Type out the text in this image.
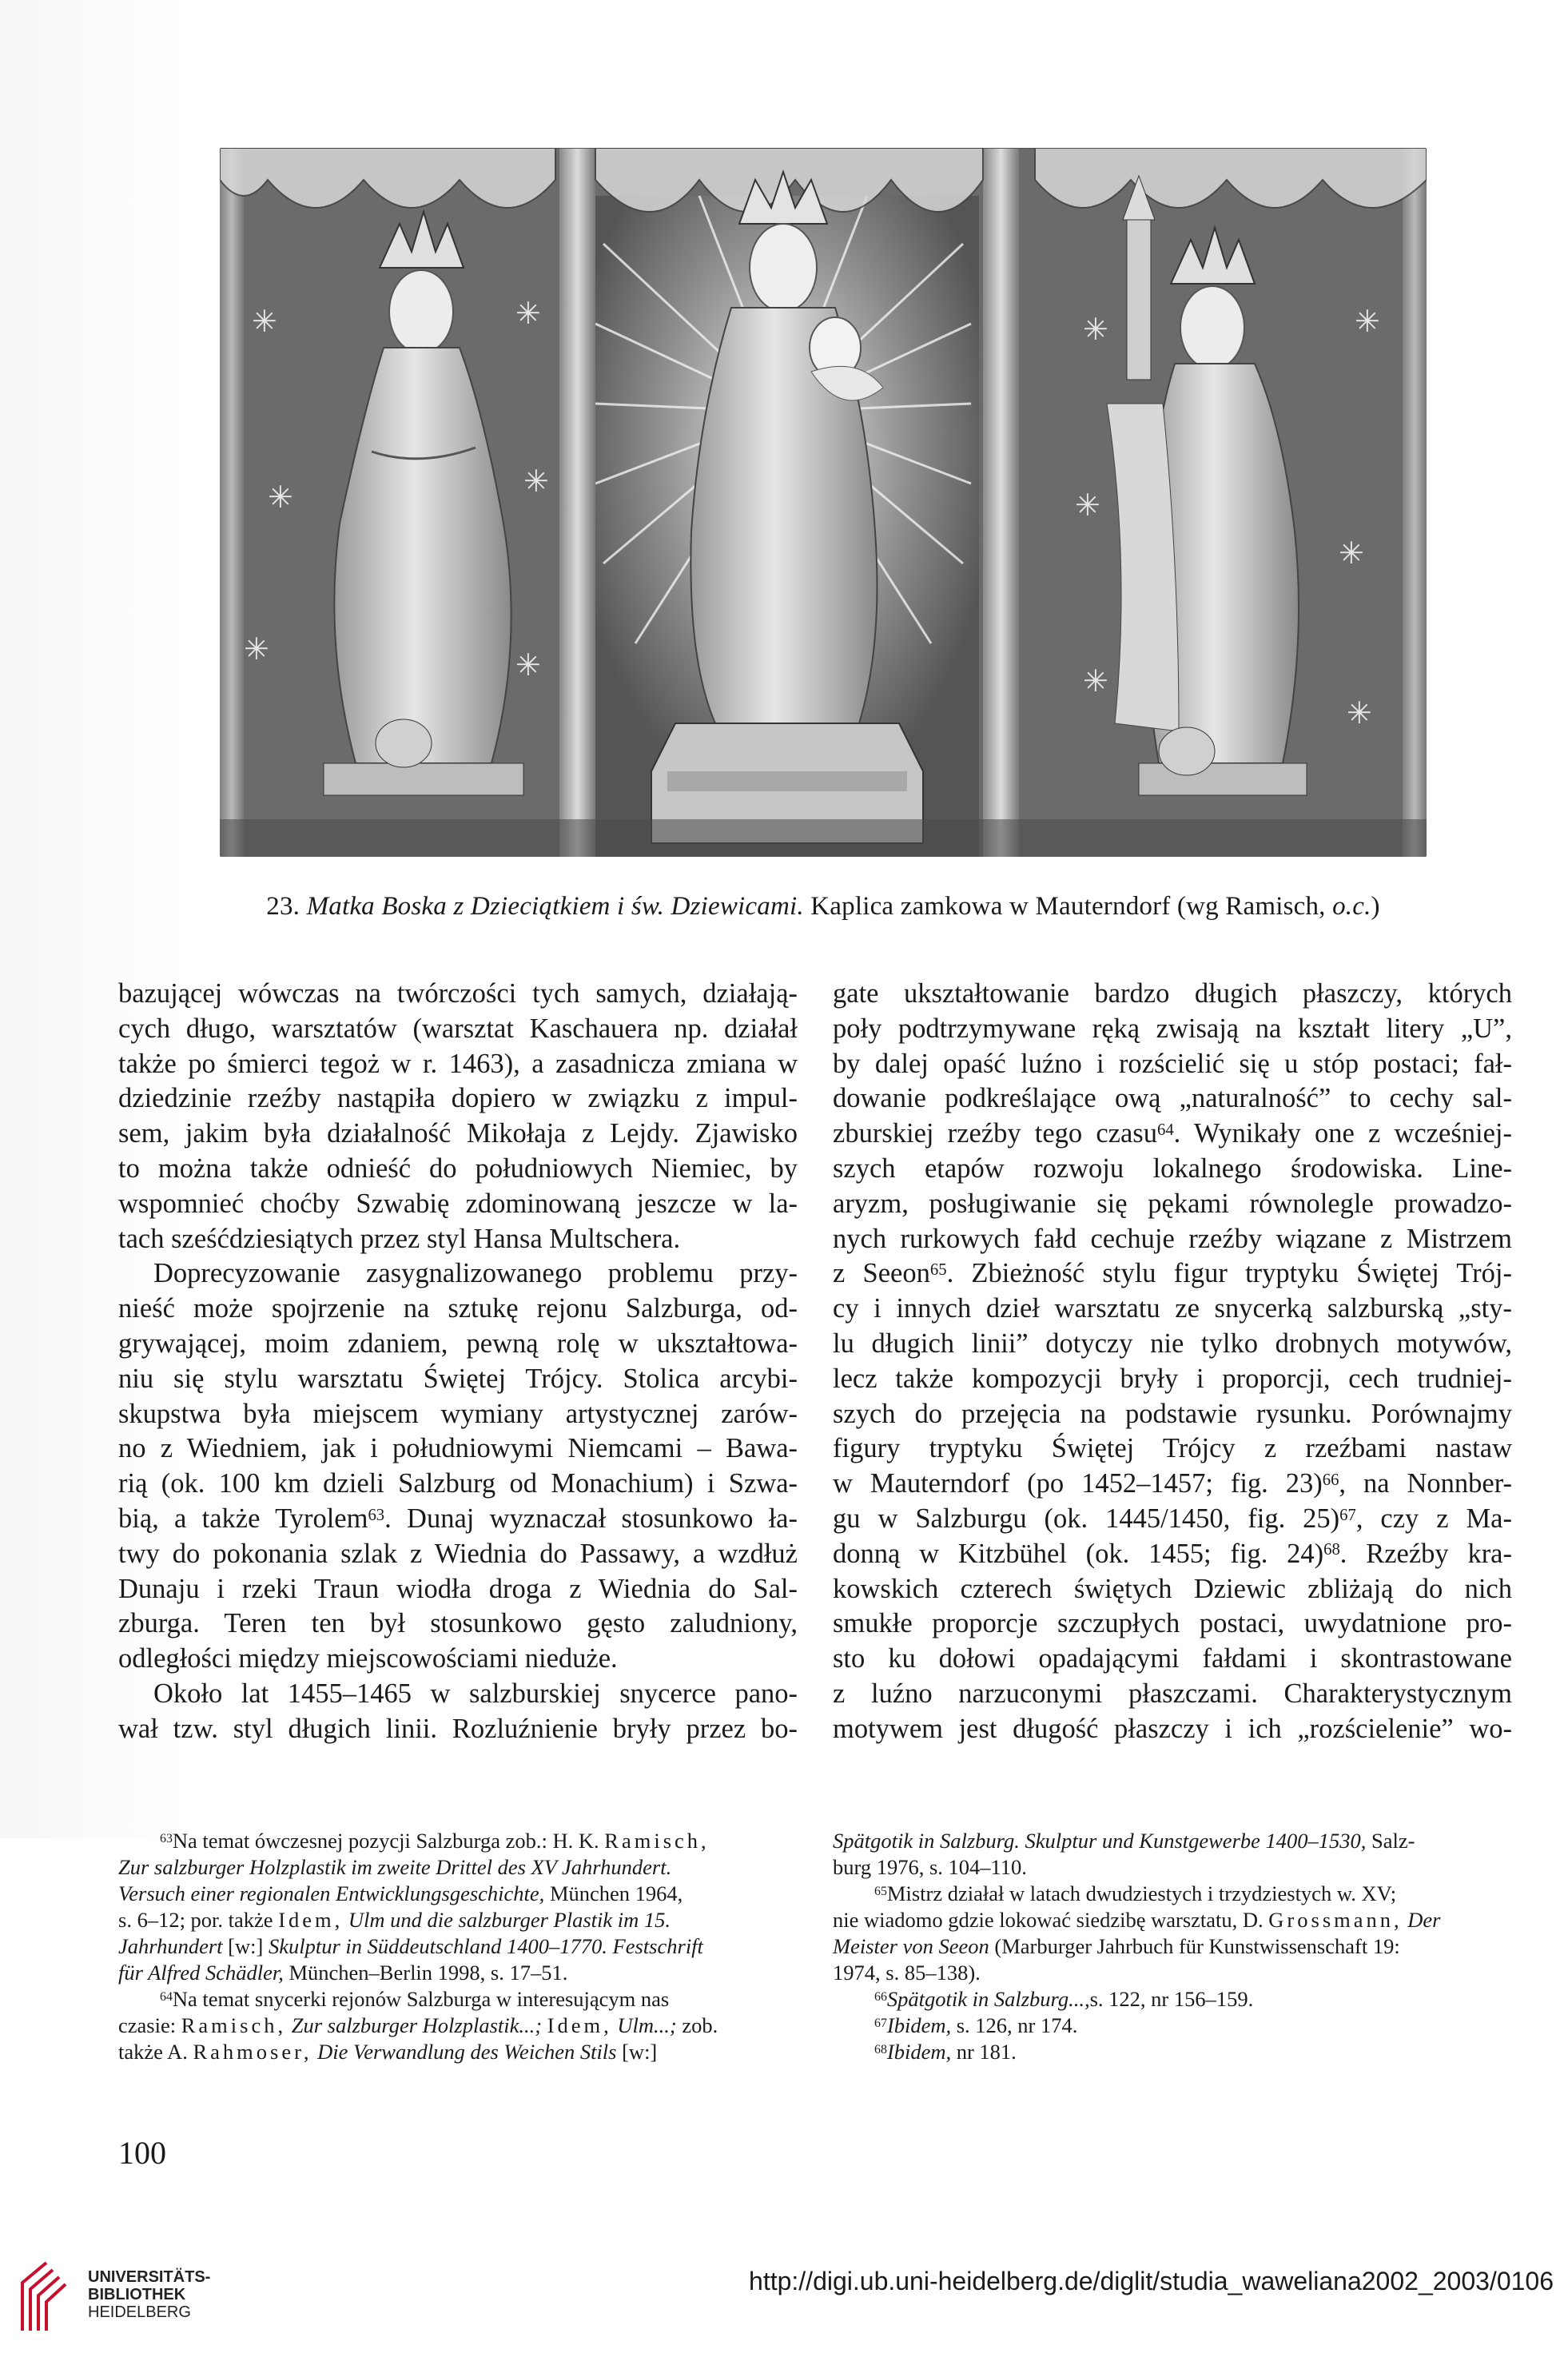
✳	✳
✳	✳
✳	✳
✳	✳
✳
✳
✳
✳
23. Matka Boska z Dzieciątkiem i św. Dziewicami. Kaplica zamkowa w Mauterndorf (wg Ramisch, o.c.)
bazującej wówczas na twórczości tych samych, działają-
cych długo, warsztatów (warsztat Kaschauera np. działał
także po śmierci tegoż w r. 1463), a zasadnicza zmiana w
dziedzinie rzeźby nastąpiła dopiero w związku z impul-
sem, jakim była działalność Mikołaja z Lejdy. Zjawisko
to można także odnieść do południowych Niemiec, by
wspomnieć choćby Szwabię zdominowaną jeszcze w la-
tach sześćdziesiątych przez styl Hansa Multschera.
Doprecyzowanie zasygnalizowanego problemu przy-
nieść może spojrzenie na sztukę rejonu Salzburga, od-
grywającej, moim zdaniem, pewną rolę w ukształtowa-
niu się stylu warsztatu Świętej Trójcy. Stolica arcybi-
skupstwa była miejscem wymiany artystycznej zarów-
no z Wiedniem, jak i południowymi Niemcami – Bawa-
rią (ok. 100 km dzieli Salzburg od Monachium) i Szwa-
bią, a także Tyrolem$^{63}$. Dunaj wyznaczał stosunkowo ła-
twy do pokonania szlak z Wiednia do Passawy, a wzdłuż
Dunaju i rzeki Traun wiodła droga z Wiednia do Sal-
zburga. Teren ten był stosunkowo gęsto zaludniony,
odległości między miejscowościami nieduże.
Około lat 1455–1465 w salzburskiej snycerce pano-
wał tzw. styl długich linii. Rozluźnienie bryły przez bo-
gate ukształtowanie bardzo długich płaszczy, których
poły podtrzymywane ręką zwisają na kształt litery „U”,
by dalej opaść luźno i rozścielić się u stóp postaci; fał-
dowanie podkreślające ową „naturalność” to cechy sal-
zburskiej rzeźby tego czasu$^{64}$. Wynikały one z wcześniej-
szych etapów rozwoju lokalnego środowiska. Line-
aryzm, posługiwanie się pękami równolegle prowadzo-
nych rurkowych fałd cechuje rzeźby wiązane z Mistrzem
z Seeon$^{65}$. Zbieżność stylu figur tryptyku Świętej Trój-
cy i innych dzieł warsztatu ze snycerką salzburską „sty-
lu długich linii” dotyczy nie tylko drobnych motywów,
lecz także kompozycji bryły i proporcji, cech trudniej-
szych do przejęcia na podstawie rysunku. Porównajmy
figury tryptyku Świętej Trójcy z rzeźbami nastaw
w Mauterndorf (po 1452–1457; fig. 23)$^{66}$, na Nonnber-
gu w Salzburgu (ok. 1445/1450, fig. 25)$^{67}$, czy z Ma-
donną w Kitzbühel (ok. 1455; fig. 24)$^{68}$. Rzeźby kra-
kowskich czterech świętych Dziewic zbliżają do nich
smukłe proporcje szczupłych postaci, uwydatnione pro-
sto ku dołowi opadającymi fałdami i skontrastowane
z luźno narzuconymi płaszczami. Charakterystycznym
motywem jest długość płaszczy i ich „rozścielenie” wo-
$^{63}$Na temat ówczesnej pozycji Salzburga zob.: H. K. Ramisch,
Zur salzburger Holzplastik im zweite Drittel des XV Jahrhundert.
Versuch einer regionalen Entwicklungsgeschichte, München 1964,
s. 6–12; por. także Idem, Ulm und die salzburger Plastik im 15.
Jahrhundert [w:] Skulptur in Süddeutschland 1400–1770. Festschrift
für Alfred Schädler, München–Berlin 1998, s. 17–51.
$^{64}$Na temat snycerki rejonów Salzburga w interesującym nas
czasie: Ramisch, Zur salzburger Holzplastik...; Idem, Ulm...; zob.
także A. Rahmoser, Die Verwandlung des Weichen Stils [w:]
Spätgotik in Salzburg. Skulptur und Kunstgewerbe 1400–1530, Salz-
burg 1976, s. 104–110.
$^{65}$Mistrz działał w latach dwudziestych i trzydziestych w. XV;
nie wiadomo gdzie lokować siedzibę warsztatu, D. Grossmann, Der
Meister von Seeon (Marburger Jahrbuch für Kunstwissenschaft 19:
1974, s. 85–138).
$^{66}$Spätgotik in Salzburg...,s. 122, nr 156–159.
$^{67}$Ibidem, s. 126, nr 174.
$^{68}$Ibidem, nr 181.
100
UNIVERSITÄTS-
BIBLIOTHEK
HEIDELBERG
http://digi.ub.uni-heidelberg.de/diglit/studia_waweliana2002_2003/0106
